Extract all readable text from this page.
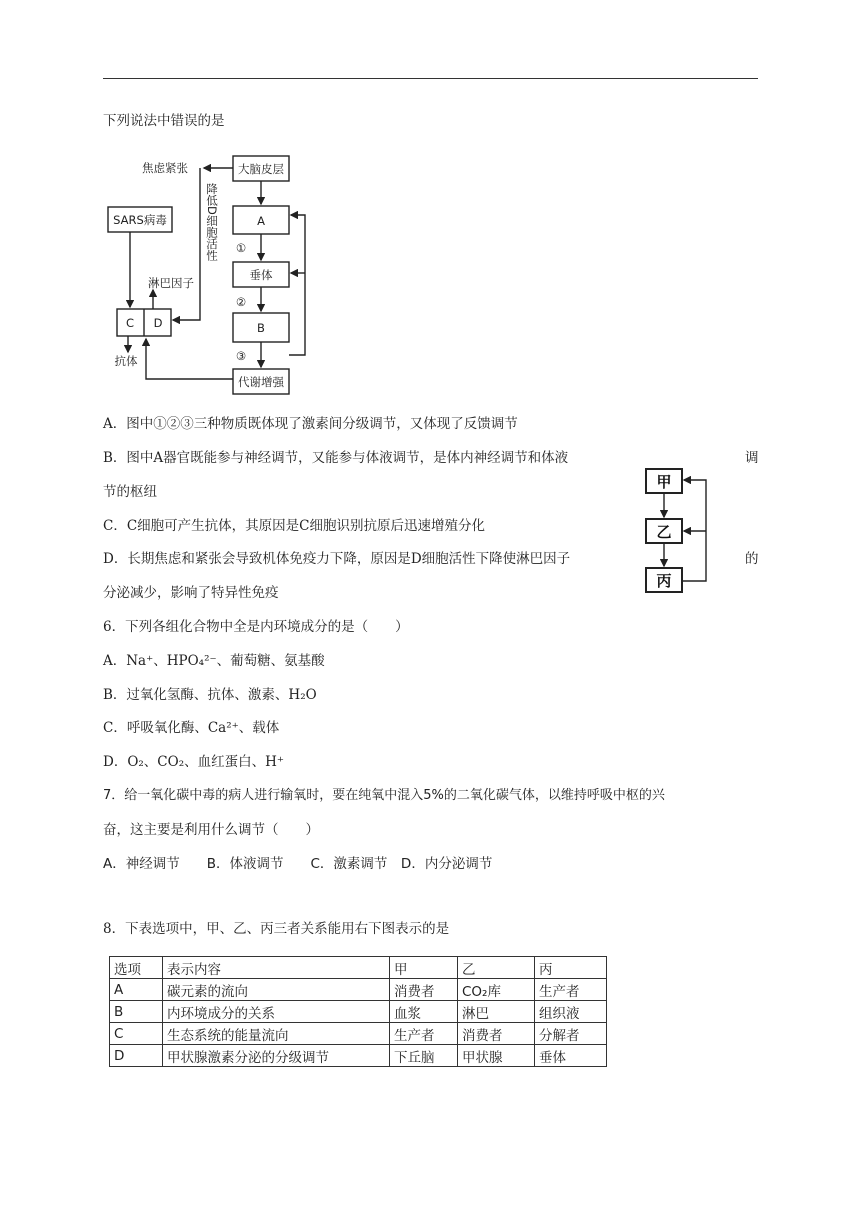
下列说法中错误的是
焦虑紧张	大脑皮层
A
垂体
B
代谢增强
SARS病毒
C D
淋巴因子
抗体
降低D细胞活性 ①
②
③
A．图中①②③三种物质既体现了激素间分级调节，又体现了反馈调节
B．图中A器官既能参与神经调节，又能参与体液调节，是体内神经调节和体液	调
节的枢纽
C．C细胞可产生抗体，其原因是C细胞识别抗原后迅速增殖分化
D．长期焦虑和紧张会导致机体免疫力下降，原因是D细胞活性下降使淋巴因子	的
分泌减少，影响了特异性免疫
甲
乙
丙
6．下列各组化合物中全是内环境成分的是（　　）
A．Na⁺、HPO₄²⁻、葡萄糖、氨基酸
B．过氧化氢酶、抗体、激素、H₂O
C．呼吸氧化酶、Ca²⁺、载体
D．O₂、CO₂、血红蛋白、H⁺
7．给一氧化碳中毒的病人进行输氧时，要在纯氧中混入5%的二氧化碳气体，以维持呼吸中枢的兴
奋，这主要是利用什么调节（　　）
A．神经调节　　B．体液调节　　C．激素调节　D．内分泌调节
8．下表选项中，甲、乙、丙三者关系能用右下图表示的是
选项	表示内容	甲	乙	丙
A	碳元素的流向	消费者	CO₂库	生产者
B	内环境成分的关系	血浆	淋巴	组织液
C	生态系统的能量流向	生产者	消费者	分解者
D	甲状腺激素分泌的分级调节	下丘脑	甲状腺	垂体
